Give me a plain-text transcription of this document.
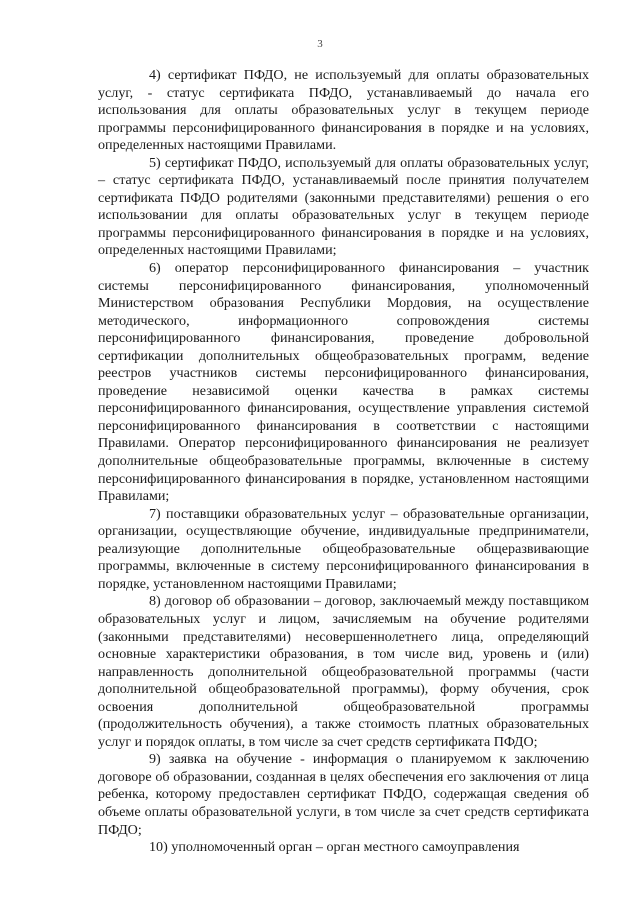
3

4) сертификат ПФДО, не используемый для оплаты образовательных услуг, - статус сертификата ПФДО, устанавливаемый до начала его использования для оплаты образовательных услуг в текущем периоде программы персонифицированного финансирования в порядке и на условиях, определенных настоящими Правилами.

5) сертификат ПФДО, используемый для оплаты образовательных услуг, – статус сертификата ПФДО, устанавливаемый после принятия получателем сертификата ПФДО родителями (законными представителями) решения о его использовании для оплаты образовательных услуг в текущем периоде программы персонифицированного финансирования в порядке и на условиях, определенных настоящими Правилами;

6) оператор персонифицированного финансирования – участник системы персонифицированного финансирования, уполномоченный Министерством образования Республики Мордовия, на осуществление методического, информационного сопровождения системы персонифицированного финансирования, проведение добровольной сертификации дополнительных общеобразовательных программ, ведение реестров участников системы персонифицированного финансирования, проведение независимой оценки качества в рамках системы персонифицированного финансирования, осуществление управления системой персонифицированного финансирования в соответствии с настоящими Правилами. Оператор персонифицированного финансирования не реализует дополнительные общеобразовательные программы, включенные в систему персонифицированного финансирования в порядке, установленном настоящими Правилами;

7) поставщики образовательных услуг – образовательные организации, организации, осуществляющие обучение, индивидуальные предприниматели, реализующие дополнительные общеобразовательные общеразвивающие программы, включенные в систему персонифицированного финансирования в порядке, установленном настоящими Правилами;

8) договор об образовании – договор, заключаемый между поставщиком образовательных услуг и лицом, зачисляемым на обучение родителями (законными представителями) несовершеннолетнего лица, определяющий основные характеристики образования, в том числе вид, уровень и (или) направленность дополнительной общеобразовательной программы (части дополнительной общеобразовательной программы), форму обучения, срок освоения дополнительной общеобразовательной программы (продолжительность обучения), а также стоимость платных образовательных услуг и порядок оплаты, в том числе за счет средств сертификата ПФДО;

9) заявка на обучение - информация о планируемом к заключению договоре об образовании, созданная в целях обеспечения его заключения от лица ребенка, которому предоставлен сертификат ПФДО, содержащая сведения об объеме оплаты образовательной услуги, в том числе за счет средств сертификата ПФДО;

10) уполномоченный орган – орган местного самоуправления
